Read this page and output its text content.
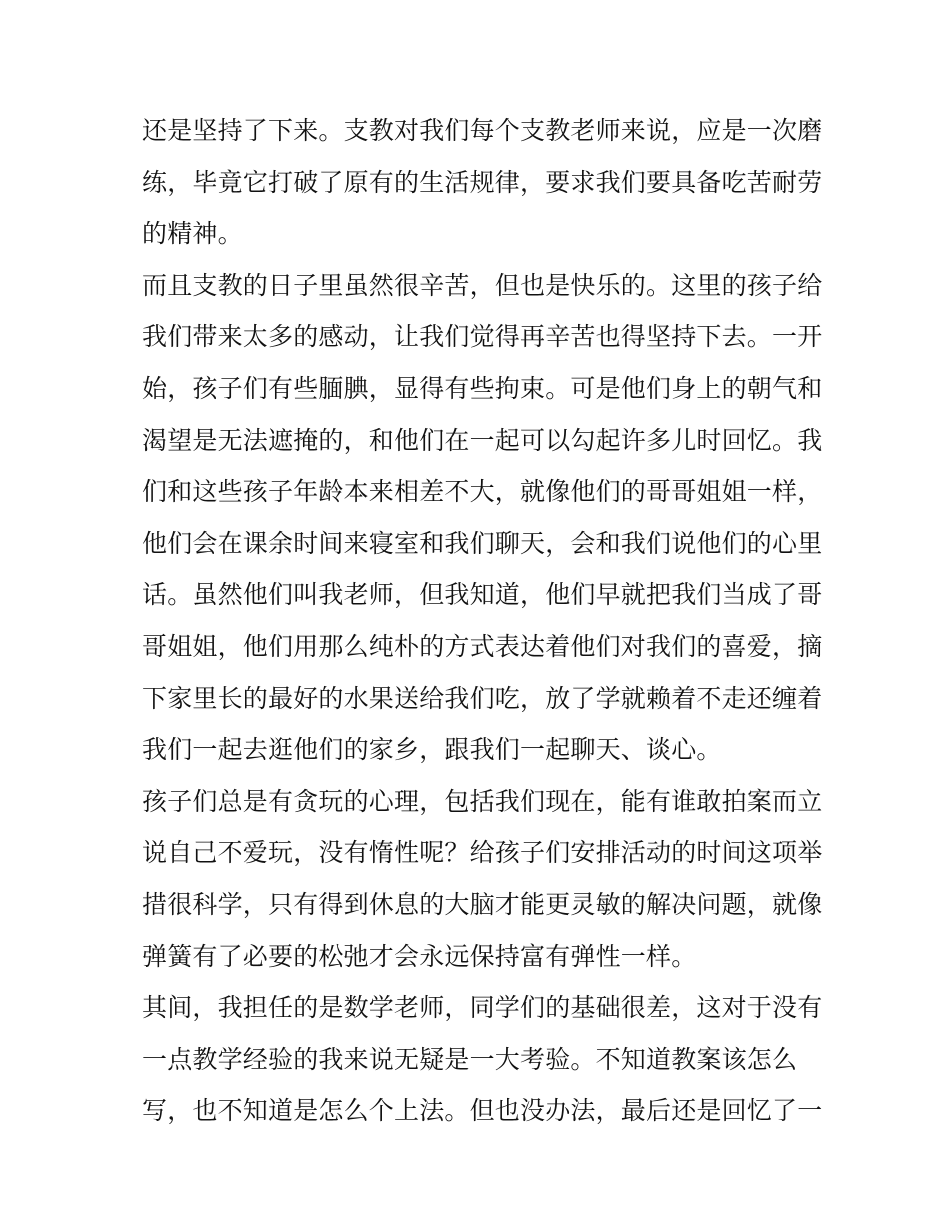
还是坚持了下来。支教对我们每个支教老师来说，应是一次磨
练，毕竟它打破了原有的生活规律，要求我们要具备吃苦耐劳
的精神。
而且支教的日子里虽然很辛苦，但也是快乐的。这里的孩子给
我们带来太多的感动，让我们觉得再辛苦也得坚持下去。一开
始，孩子们有些腼腆，显得有些拘束。可是他们身上的朝气和
渴望是无法遮掩的，和他们在一起可以勾起许多儿时回忆。我
们和这些孩子年龄本来相差不大，就像他们的哥哥姐姐一样，
他们会在课余时间来寝室和我们聊天，会和我们说他们的心里
话。虽然他们叫我老师，但我知道，他们早就把我们当成了哥
哥姐姐，他们用那么纯朴的方式表达着他们对我们的喜爱，摘
下家里长的最好的水果送给我们吃，放了学就赖着不走还缠着
我们一起去逛他们的家乡，跟我们一起聊天、谈心。
孩子们总是有贪玩的心理，包括我们现在，能有谁敢拍案而立
说自己不爱玩，没有惰性呢？给孩子们安排活动的时间这项举
措很科学，只有得到休息的大脑才能更灵敏的解决问题，就像
弹簧有了必要的松弛才会永远保持富有弹性一样。
其间，我担任的是数学老师，同学们的基础很差，这对于没有
一点教学经验的我来说无疑是一大考验。不知道教案该怎么
写，也不知道是怎么个上法。但也没办法，最后还是回忆了一
